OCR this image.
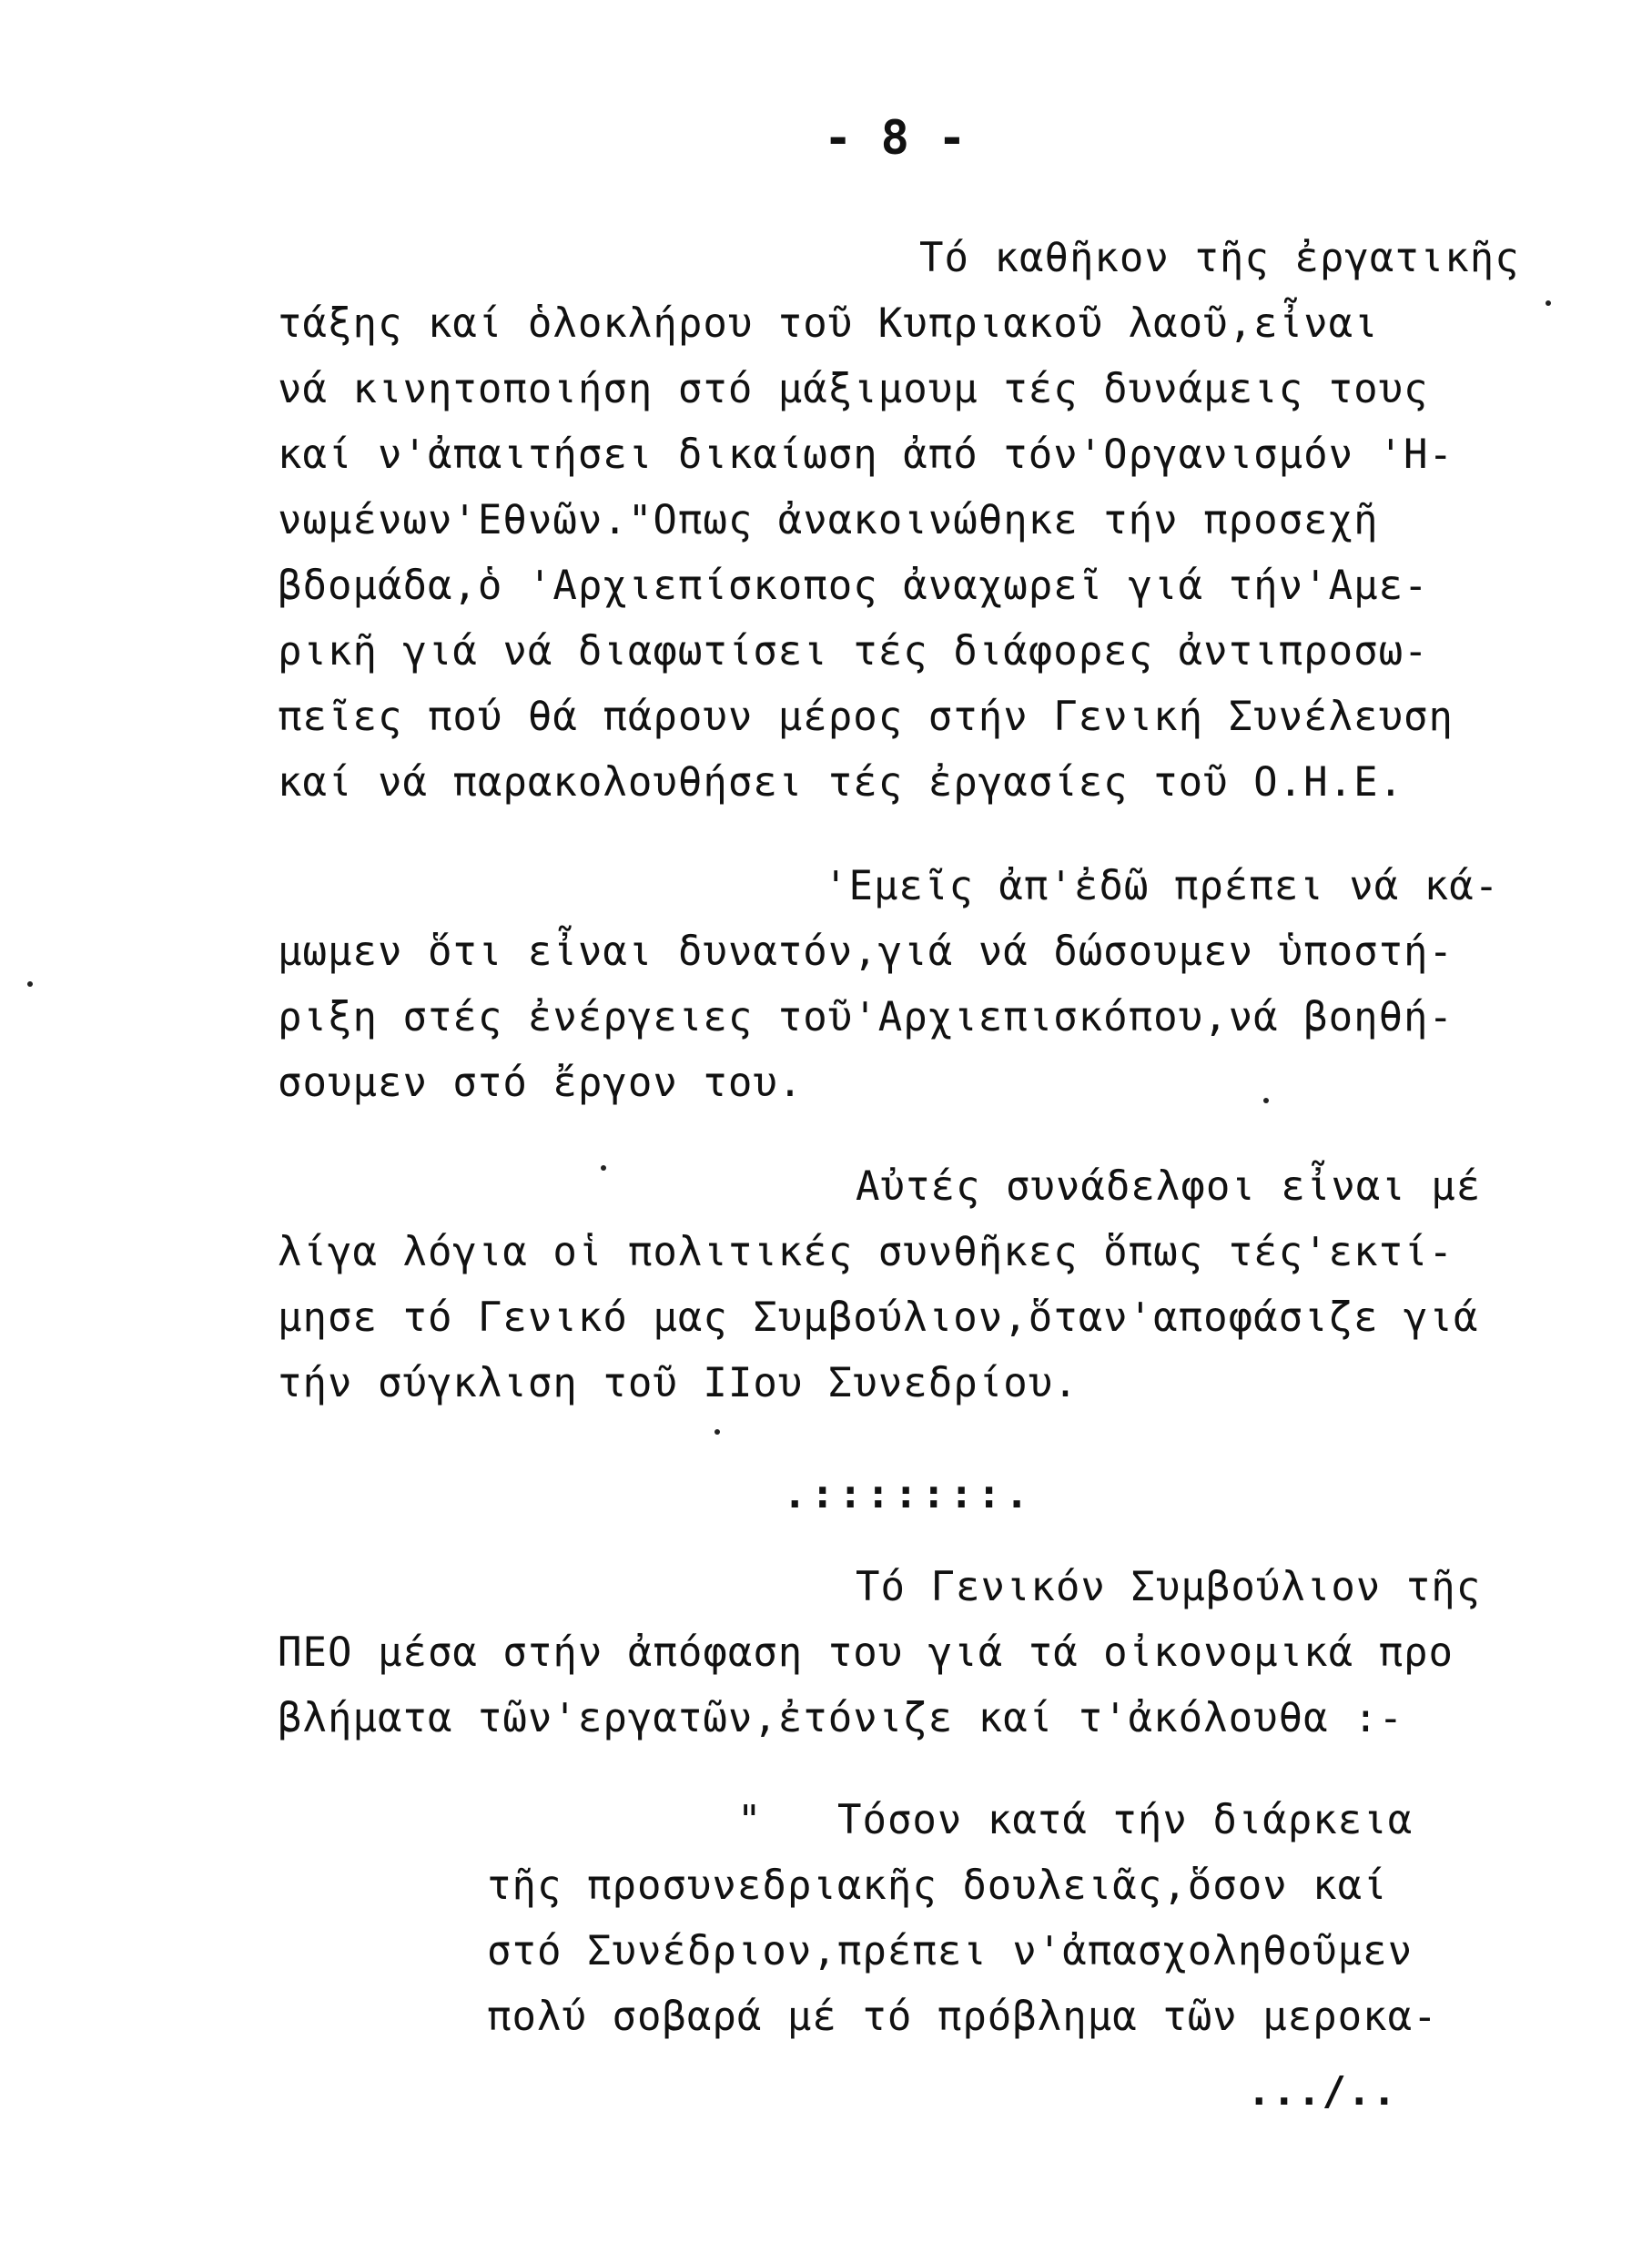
- 8 -
Τό καθῆκον τῆς ἐργατικῆς
τάξης καί ὁλοκλήρου τοῦ Κυπριακοῦ λαοῦ,εἶναι
νά κινητοποιήση στό μάξιμουμ τές δυνάμεις τους
καί ν'ἀπαιτήσει δικαίωση ἀπό τόν'Οργανισμόν 'Η-
νωμένων'Εθνῶν."Οπως ἀνακοινώθηκε τήν προσεχῆ
βδομάδα,ὁ 'Αρχιεπίσκοπος ἀναχωρεῖ γιά τήν'Αμε-
ρικῆ γιά νά διαφωτίσει τές διάφορες ἀντιπροσω-
πεῖες πού θά πάρουν μέρος στήν Γενική Συνέλευση
καί νά παρακολουθήσει τές ἐργασίες τοῦ Ο.Η.Ε.
'Εμεῖς ἀπ'ἐδῶ πρέπει νά κά-
μωμεν ὅτι εἶναι δυνατόν,γιά νά δώσουμεν ὑποστή-
ριξη στές ἐνέργειες τοῦ'Αρχιεπισκόπου,νά βοηθή-
σουμεν στό ἔργον του.
Αὐτές συνάδελφοι εἶναι μέ
λίγα λόγια οἱ πολιτικές συνθῆκες ὅπως τές'εκτί-
μησε τό Γενικό μας Συμβούλιον,ὅταν'αποφάσιζε γιά
τήν σύγκλιση τοῦ ΙΙου Συνεδρίου.
.:::::::.
Τό Γενικόν Συμβούλιον τῆς
ΠΕΟ μέσα στήν ἀπόφαση του γιά τά οἰκονομικά προ
βλήματα τῶν'εργατῶν,ἐτόνιζε καί τ'ἀκόλουθα :-
"   Τόσον κατά τήν διάρκεια
τῆς προσυνεδριακῆς δουλειᾶς,ὅσον καί
στό Συνέδριον,πρέπει ν'ἀπασχοληθοῦμεν
πολύ σοβαρά μέ τό πρόβλημα τῶν μεροκα-
.../..
